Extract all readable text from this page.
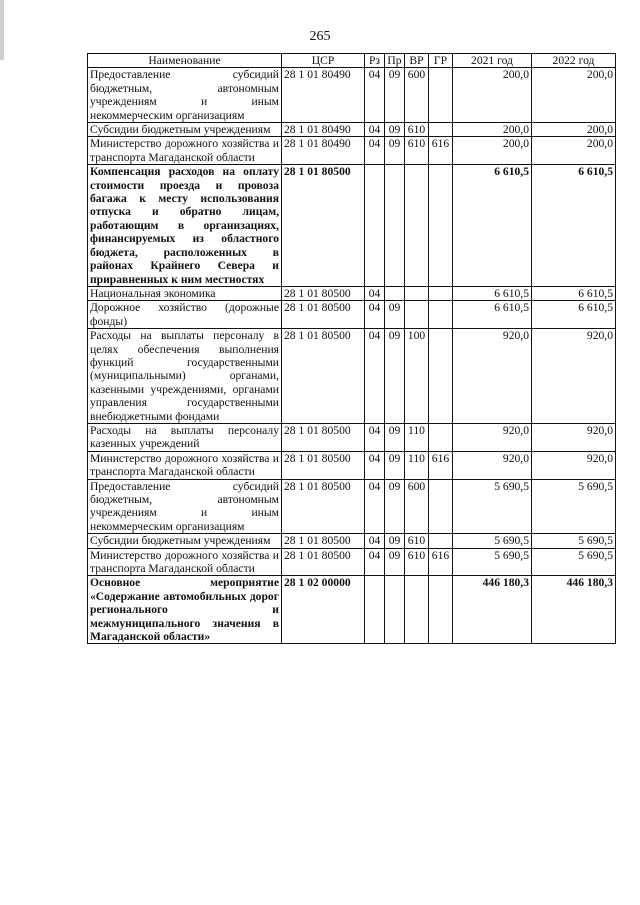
265
Наименование	ЦСР	Рз	Пр	ВР	ГР	2021 год	2022 год
Предоставление субсидий бюджетным, автономным учреждениям и иным некоммерческим организациям	28 1 01 80490	04	09	600		200,0	200,0
Субсидии бюджетным учреждениям	28 1 01 80490	04	09	610		200,0	200,0
Министерство дорожного хозяйства и транспорта Магаданской области	28 1 01 80490	04	09	610	616	200,0	200,0
Компенсация расходов на оплату стоимости проезда и провоза багажа к месту использования отпуска и обратно лицам, работающим в организациях, финансируемых из областного бюджета, расположенных в районах Крайнего Севера и приравненных к ним местностях	28 1 01 80500					6 610,5	6 610,5
Национальная экономика	28 1 01 80500	04				6 610,5	6 610,5
Дорожное хозяйство (дорожные фонды)	28 1 01 80500	04	09			6 610,5	6 610,5
Расходы на выплаты персоналу в целях обеспечения выполнения функций государственными (муниципальными) органами, казенными учреждениями, органами управления государственными внебюджетными фондами	28 1 01 80500	04	09	100		920,0	920,0
Расходы на выплаты персоналу казенных учреждений	28 1 01 80500	04	09	110		920,0	920,0
Министерство дорожного хозяйства и транспорта Магаданской области	28 1 01 80500	04	09	110	616	920,0	920,0
Предоставление субсидий бюджетным, автономным учреждениям и иным некоммерческим организациям	28 1 01 80500	04	09	600		5 690,5	5 690,5
Субсидии бюджетным учреждениям	28 1 01 80500	04	09	610		5 690,5	5 690,5
Министерство дорожного хозяйства и транспорта Магаданской области	28 1 01 80500	04	09	610	616	5 690,5	5 690,5
Основное мероприятие «Содержание автомобильных дорог регионального и межмуниципального значения в Магаданской области»	28 1 02 00000					446 180,3	446 180,3
